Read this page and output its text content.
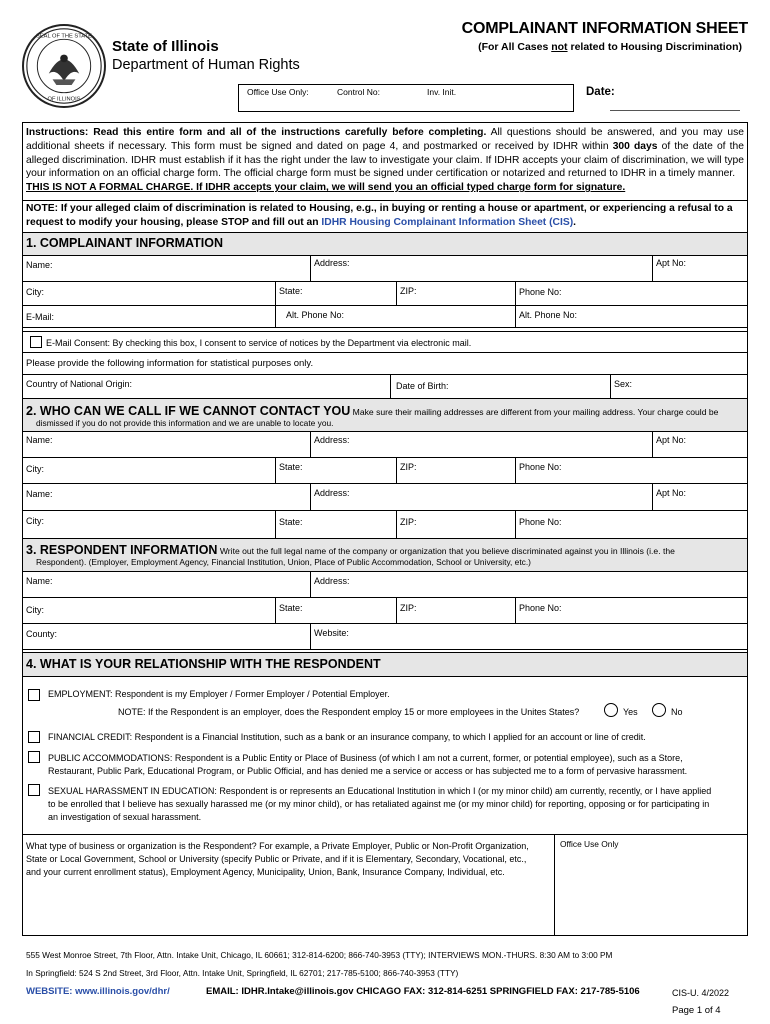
SEAL OF THE STATE
OF ILLINOIS
State of Illinois
Department of Human Rights
COMPLAINANT INFORMATION SHEET
(For All Cases not related to Housing Discrimination)
Office Use Only:	Control No:	Inv. Init.	Date:
Instructions: Read this entire form and all of the instructions carefully before completing. All questions should be answered, and you may use additional sheets if necessary. This form must be signed and dated on page 4, and postmarked or received by IDHR within 300 days of the date of the alleged discrimination. IDHR must establish if it has the right under the law to investigate your claim. If IDHR accepts your claim of discrimination, we will type your information on an official charge form. The official charge form must be signed under certification or notarized and returned to IDHR in a timely manner.
THIS IS NOT A FORMAL CHARGE. If IDHR accepts your claim, we will send you an official typed charge form for signature.
NOTE: If your alleged claim of discrimination is related to Housing, e.g., in buying or renting a house or apartment, or experiencing a refusal to a request to modify your housing, please STOP and fill out an IDHR Housing Complainant Information Sheet (CIS).
1. COMPLAINANT INFORMATION
Name:	Address:	Apt No:
City:	State:	ZIP:	Phone No:
E-Mail:	Alt. Phone No:	Alt. Phone No:
E-Mail Consent: By checking this box, I consent to service of notices by the Department via electronic mail.
Please provide the following information for statistical purposes only.
Country of National Origin:	Date of Birth:	Sex:
2. WHO CAN WE CALL IF WE CANNOT CONTACT YOU Make sure their mailing addresses are different from your mailing address. Your charge could be
dismissed if you do not provide this information and we are unable to locate you.
Name:	Address:	Apt No:
City:	State:	ZIP:	Phone No:
Name:	Address:	Apt No:
City:	State:	ZIP:	Phone No:
3. RESPONDENT INFORMATION Write out the full legal name of the company or organization that you believe discriminated against you in Illinois (i.e. the
Respondent). (Employer, Employment Agency, Financial Institution, Union, Place of Public Accommodation, School or University, etc.)
Name:	Address:
City:	State:	ZIP:	Phone No:
County:	Website:
4. WHAT IS YOUR RELATIONSHIP WITH THE RESPONDENT
EMPLOYMENT: Respondent is my Employer / Former Employer / Potential Employer.
NOTE: If the Respondent is an employer, does the Respondent employ 15 or more employees in the Unites States?	Yes	No
FINANCIAL CREDIT: Respondent is a Financial Institution, such as a bank or an insurance company, to which I applied for an account or line of credit.
PUBLIC ACCOMMODATIONS: Respondent is a Public Entity or Place of Business (of which I am not a current, former, or potential employee), such as a Store,
Restaurant, Public Park, Educational Program, or Public Official, and has denied me a service or access or has subjected me to a form of pervasive harassment.
SEXUAL HARASSMENT IN EDUCATION: Respondent is or represents an Educational Institution in which I (or my minor child) am currently, recently, or I have applied
to be enrolled that I believe has sexually harassed me (or my minor child), or has retaliated against me (or my minor child) for reporting, opposing or for participating in
an investigation of sexual harassment.
What type of business or organization is the Respondent? For example, a Private Employer, Public or Non-Profit Organization,
State or Local Government, School or University (specify Public or Private, and if it is Elementary, Secondary, Vocational, etc.,
and your current enrollment status), Employment Agency, Municipality, Union, Bank, Insurance Company, Individual, etc.
Office Use Only
555 West Monroe Street, 7th Floor, Attn. Intake Unit, Chicago, IL 60661; 312-814-6200; 866-740-3953 (TTY); INTERVIEWS MON.-THURS. 8:30 AM to 3:00 PM
In Springfield: 524 S 2nd Street, 3rd Floor, Attn. Intake Unit, Springfield, IL 62701; 217-785-5100; 866-740-3953 (TTY)
WEBSITE: www.illinois.gov/dhr/	EMAIL: IDHR.Intake@illinois.gov CHICAGO FAX: 312-814-6251 SPRINGFIELD FAX: 217-785-5106	CIS-U. 4/2022
Page 1 of 4
